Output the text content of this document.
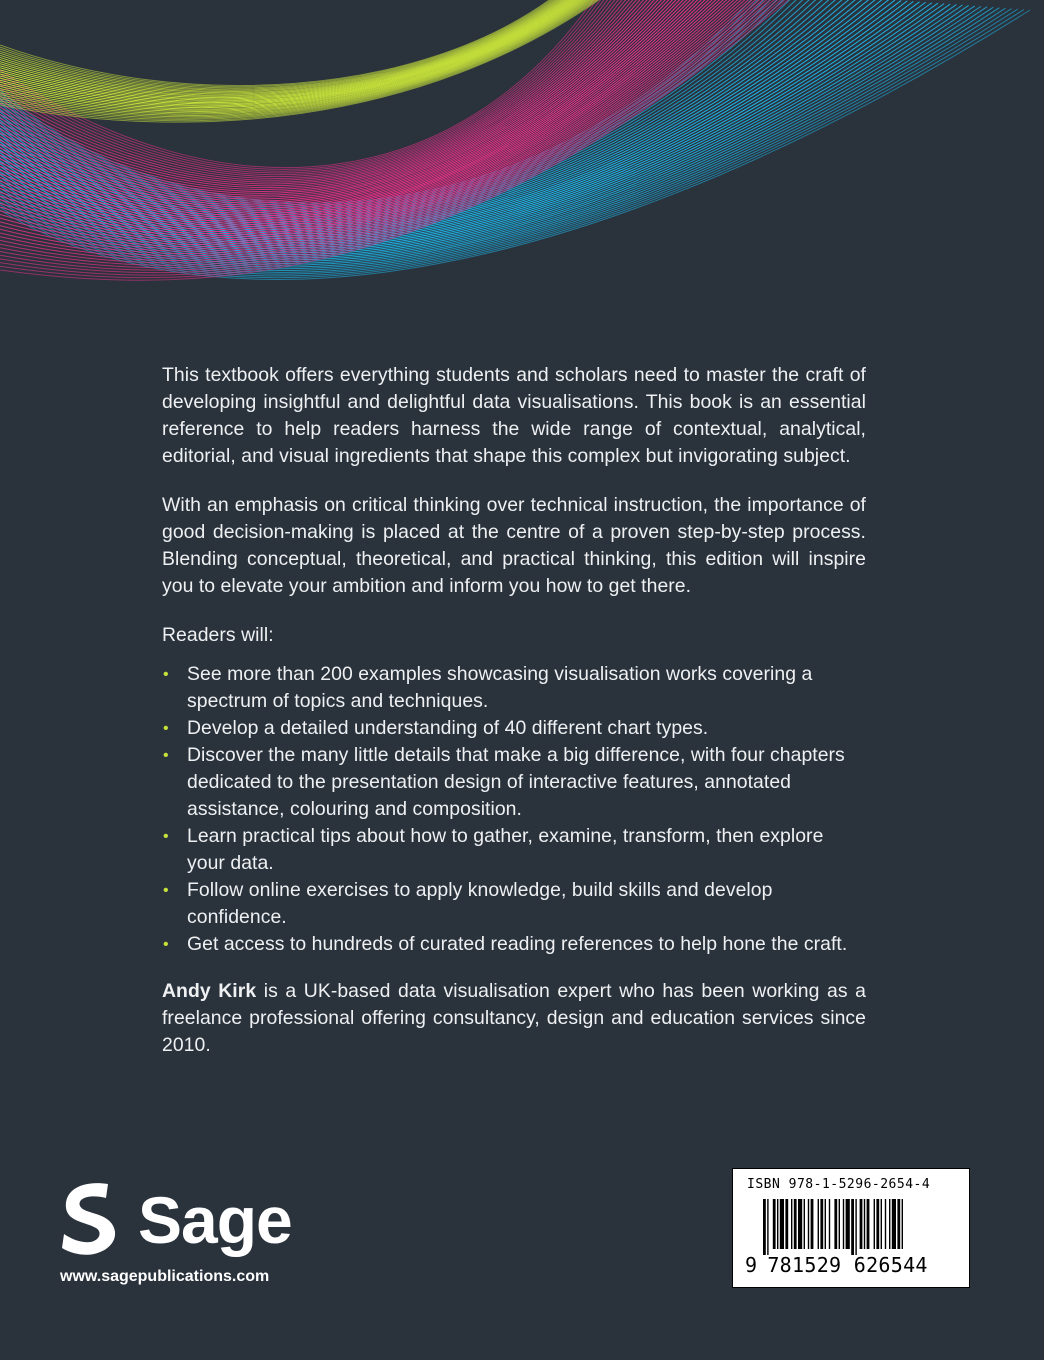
This textbook offers everything students and scholars need to master the craft of developing insightful and delightful data visualisations. This book is an essential reference to help readers harness the wide range of contextual, analytical, editorial, and visual ingredients that shape this complex but invigorating subject.

With an emphasis on critical thinking over technical instruction, the importance of good decision-making is placed at the centre of a proven step-by-step process. Blending conceptual, theoretical, and practical thinking, this edition will inspire you to elevate your ambition and inform you how to get there.

Readers will:

• See more than 200 examples showcasing visualisation works covering a spectrum of topics and techniques.
• Develop a detailed understanding of 40 different chart types.
• Discover the many little details that make a big difference, with four chapters dedicated to the presentation design of interactive features, annotated assistance, colouring and composition.
• Learn practical tips about how to gather, examine, transform, then explore your data.
• Follow online exercises to apply knowledge, build skills and develop confidence.
• Get access to hundreds of curated reading references to help hone the craft.

Andy Kirk is a UK-based data visualisation expert who has been working as a freelance professional offering consultancy, design and education services since 2010.

Sage
www.sagepublications.com
ISBN 978-1-5296-2654-4
9 781529 626544
